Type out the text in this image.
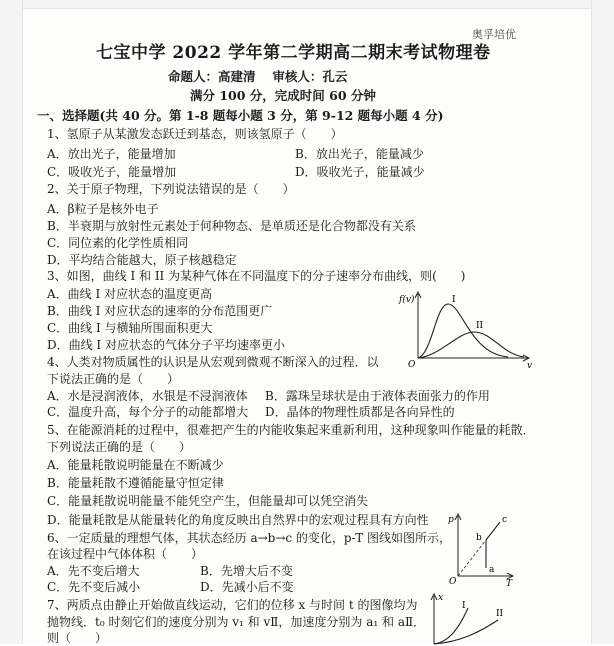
奥孚培优
七宝中学 2022 学年第二学期高二期末考试物理卷
命题人：高建清　 审核人：孔云
满分 100 分，完成时间 60 分钟
一、选择题(共 40 分。第 1-8 题每小题 3 分，第 9-12 题每小题 4 分)
1、氢原子从某激发态跃迁到基态，则该氢原子（　　）
A．放出光子，能量增加	B．放出光子，能量减少
C．吸收光子，能量增加	D．吸收光子，能量减少
2、关于原子物理，下列说法错误的是（　　）
A．β粒子是核外电子
B．半衰期与放射性元素处于何种物态、是单质还是化合物都没有关系
C．同位素的化学性质相同
D．平均结合能越大，原子核越稳定
3、如图，曲线 I 和 II 为某种气体在不同温度下的分子速率分布曲线，则(　　)
A．曲线 I 对应状态的温度更高
B．曲线 I 对应状态的速率的分布范围更广
C．曲线 I 与横轴所围面积更大
D．曲线 I 对应状态的气体分子平均速率更小
f(v)
O	v
I
II
4、人类对物质属性的认识是从宏观到微观不断深入的过程．以
下说法正确的是（　　）
A．水是浸润液体，水银是不浸润液体 B．露珠呈球状是由于液体表面张力的作用
C．温度升高，每个分子的动能都增大 D．晶体的物理性质都是各向异性的
5、在能源消耗的过程中，很难把产生的内能收集起来重新利用，这种现象叫作能量的耗散．
下列说法正确的是（　　）
A．能量耗散说明能量在不断减少
B．能量耗散不遵循能量守恒定律
C．能量耗散说明能量不能凭空产生，但能量却可以凭空消失
D．能量耗散是从能量转化的角度反映出自然界中的宏观过程具有方向性
6、一定质量的理想气体，其状态经历 a→b→c 的变化，p-T 图线如图所示，
在该过程中气体体积（　　）
A．先不变后增大	B．先增大后不变
C．先不变后减小	D．先减小后不变
p
O	T
a
b
c
7、两质点由静止开始做直线运动，它们的位移 x 与时间 t 的图像均为
抛物线．t₀ 时刻它们的速度分别为 v₁ 和 vⅡ，加速度分别为 a₁ 和 aⅡ．
则（　　）
x
I
II
